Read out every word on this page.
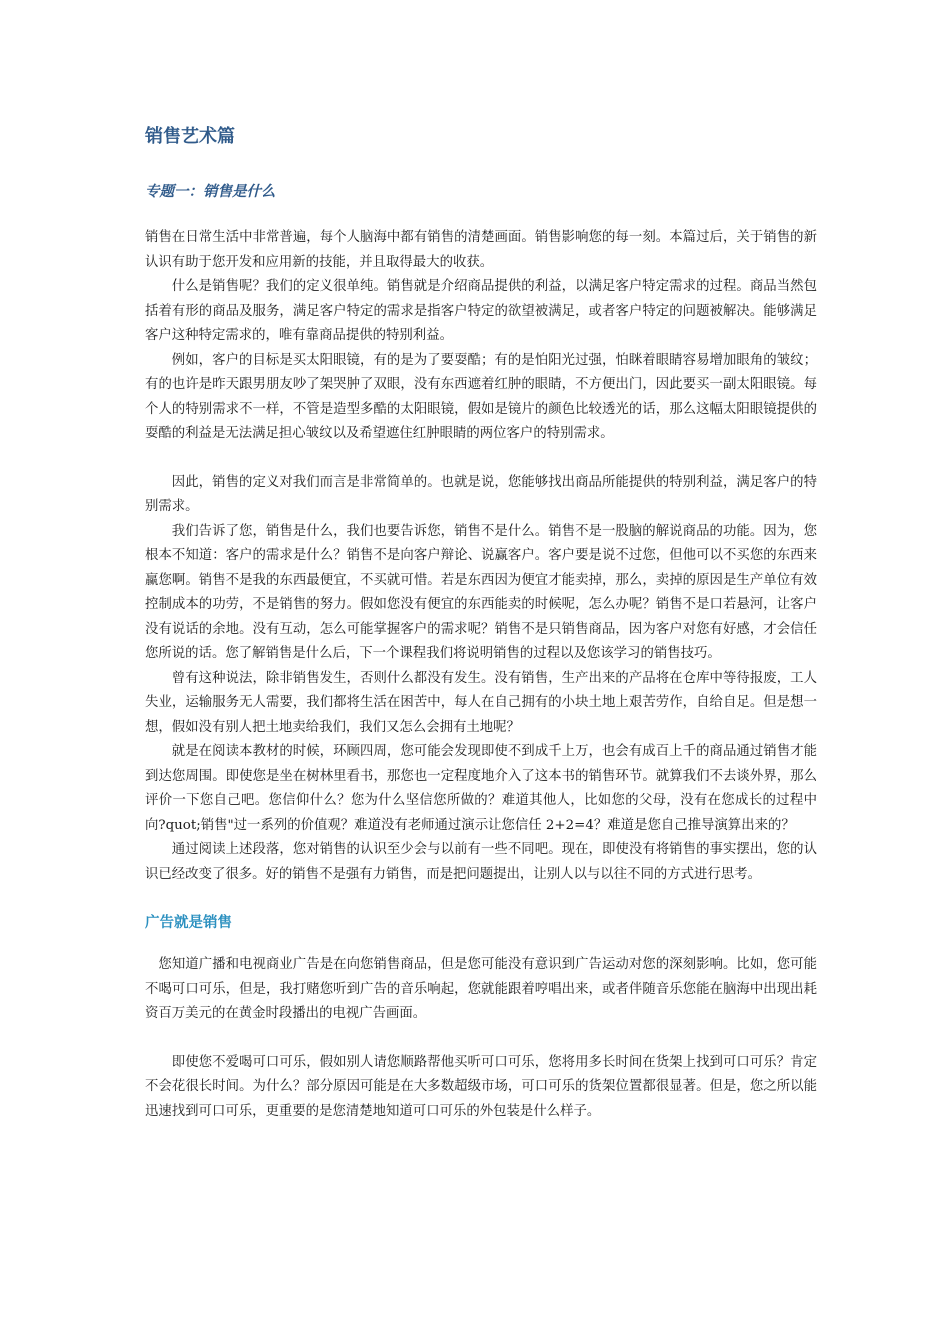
销售艺术篇
专题一：销售是什么

销售在日常生活中非常普遍，每个人脑海中都有销售的清楚画面。销售影响您的每一刻。本篇过后，关于销售的新认识有助于您开发和应用新的技能，并且取得最大的收获。

什么是销售呢？我们的定义很单纯。销售就是介绍商品提供的利益，以满足客户特定需求的过程。商品当然包括着有形的商品及服务，满足客户特定的需求是指客户特定的欲望被满足，或者客户特定的问题被解决。能够满足客户这种特定需求的，唯有靠商品提供的特别利益。

例如，客户的目标是买太阳眼镜，有的是为了要耍酷；有的是怕阳光过强，怕眯着眼睛容易增加眼角的皱纹；有的也许是昨天跟男朋友吵了架哭肿了双眼，没有东西遮着红肿的眼睛，不方便出门，因此要买一副太阳眼镜。每个人的特别需求不一样，不管是造型多酷的太阳眼镜，假如是镜片的颜色比较透光的话，那么这幅太阳眼镜提供的耍酷的利益是无法满足担心皱纹以及希望遮住红肿眼睛的两位客户的特别需求。

因此，销售的定义对我们而言是非常简单的。也就是说，您能够找出商品所能提供的特别利益，满足客户的特别需求。

我们告诉了您，销售是什么，我们也要告诉您，销售不是什么。销售不是一股脑的解说商品的功能。因为，您根本不知道：客户的需求是什么？销售不是向客户辩论、说赢客户。客户要是说不过您，但他可以不买您的东西来赢您啊。销售不是我的东西最便宜，不买就可惜。若是东西因为便宜才能卖掉，那么，卖掉的原因是生产单位有效控制成本的功劳，不是销售的努力。假如您没有便宜的东西能卖的时候呢，怎么办呢？销售不是口若悬河，让客户没有说话的余地。没有互动，怎么可能掌握客户的需求呢？销售不是只销售商品，因为客户对您有好感，才会信任您所说的话。您了解销售是什么后，下一个课程我们将说明销售的过程以及您该学习的销售技巧。

曾有这种说法，除非销售发生，否则什么都没有发生。没有销售，生产出来的产品将在仓库中等待报废，工人失业，运输服务无人需要，我们都将生活在困苦中，每人在自己拥有的小块土地上艰苦劳作，自给自足。但是想一想，假如没有别人把土地卖给我们，我们又怎么会拥有土地呢？

就是在阅读本教材的时候，环顾四周，您可能会发现即使不到成千上万，也会有成百上千的商品通过销售才能到达您周围。即使您是坐在树林里看书，那您也一定程度地介入了这本书的销售环节。就算我们不去谈外界，那么评价一下您自己吧。您信仰什么？您为什么坚信您所做的？难道其他人，比如您的父母，没有在您成长的过程中向?quot;销售"过一系列的价值观？难道没有老师通过演示让您信任 2+2=4？难道是您自己推导演算出来的？

通过阅读上述段落，您对销售的认识至少会与以前有一些不同吧。现在，即使没有将销售的事实摆出，您的认识已经改变了很多。好的销售不是强有力销售，而是把问题提出，让别人以与以往不同的方式进行思考。

广告就是销售

您知道广播和电视商业广告是在向您销售商品，但是您可能没有意识到广告运动对您的深刻影响。比如，您可能不喝可口可乐，但是，我打赌您听到广告的音乐响起，您就能跟着哼唱出来，或者伴随音乐您能在脑海中出现出耗资百万美元的在黄金时段播出的电视广告画面。

即使您不爱喝可口可乐，假如别人请您顺路帮他买听可口可乐，您将用多长时间在货架上找到可口可乐？肯定不会花很长时间。为什么？部分原因可能是在大多数超级市场，可口可乐的货架位置都很显著。但是，您之所以能迅速找到可口可乐，更重要的是您清楚地知道可口可乐的外包装是什么样子。
